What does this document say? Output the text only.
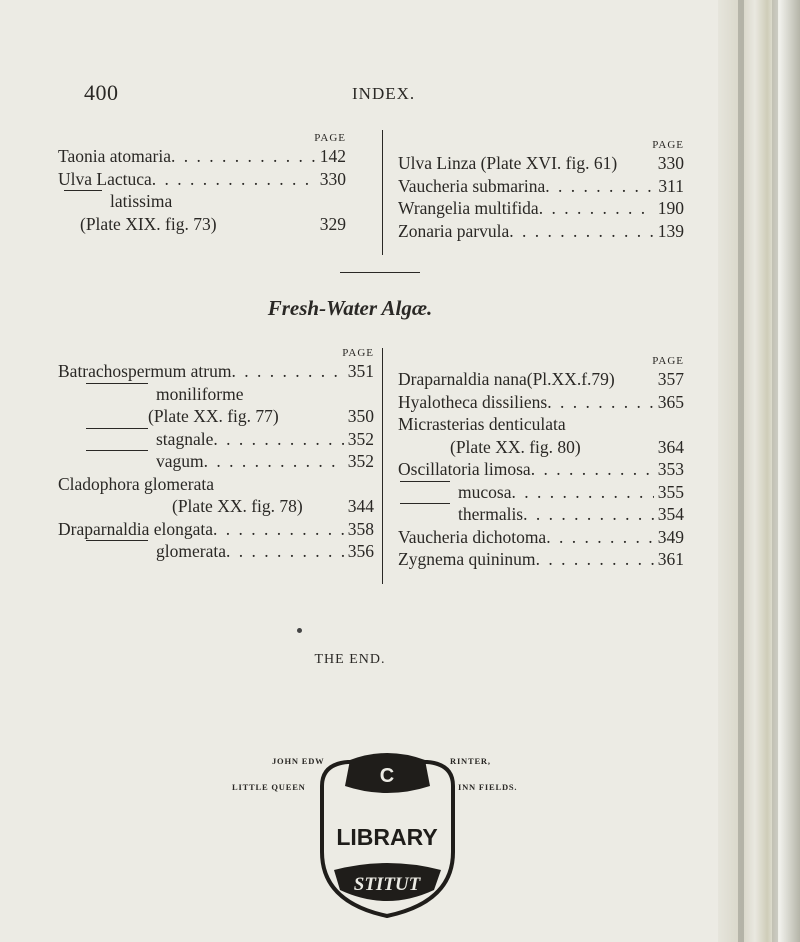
400	INDEX.
PAGE
Taonia atomaria . . .	142
Ulva Lactuca . . .	330
latissima
(Plate XIX. fig. 73)	329
PAGE
Ulva Linza (Plate XVI. fig. 61) 330
Vaucheria submarina . . .	311
Wrangelia multifida . . .	190
Zonaria parvula . . .	139
Fresh-Water Algæ.
PAGE
Batrachospermum atrum . . .	351
moniliforme
(Plate XX. fig. 77)	350
stagnale . . .	352
vagum . . .	352
Cladophora glomerata
(Plate XX. fig. 78)	344
Draparnaldia elongata . . .	358
glomerata . . .	356
PAGE
Draparnaldia nana(Pl.XX.f.79) 357
Hyalotheca dissiliens . . .	365
Micrasterias denticulata
(Plate XX. fig. 80)	364
Oscillatoria limosa . . .	353
mucosa . . .	355
thermalis . . .	354
Vaucheria dichotoma . . .	349
Zygnema quininum . . .	361
THE END.
JOHN EDW	RINTER,
LITTLE QUEEN	INN FIELDS.
C
LIBRARY
STITUT
